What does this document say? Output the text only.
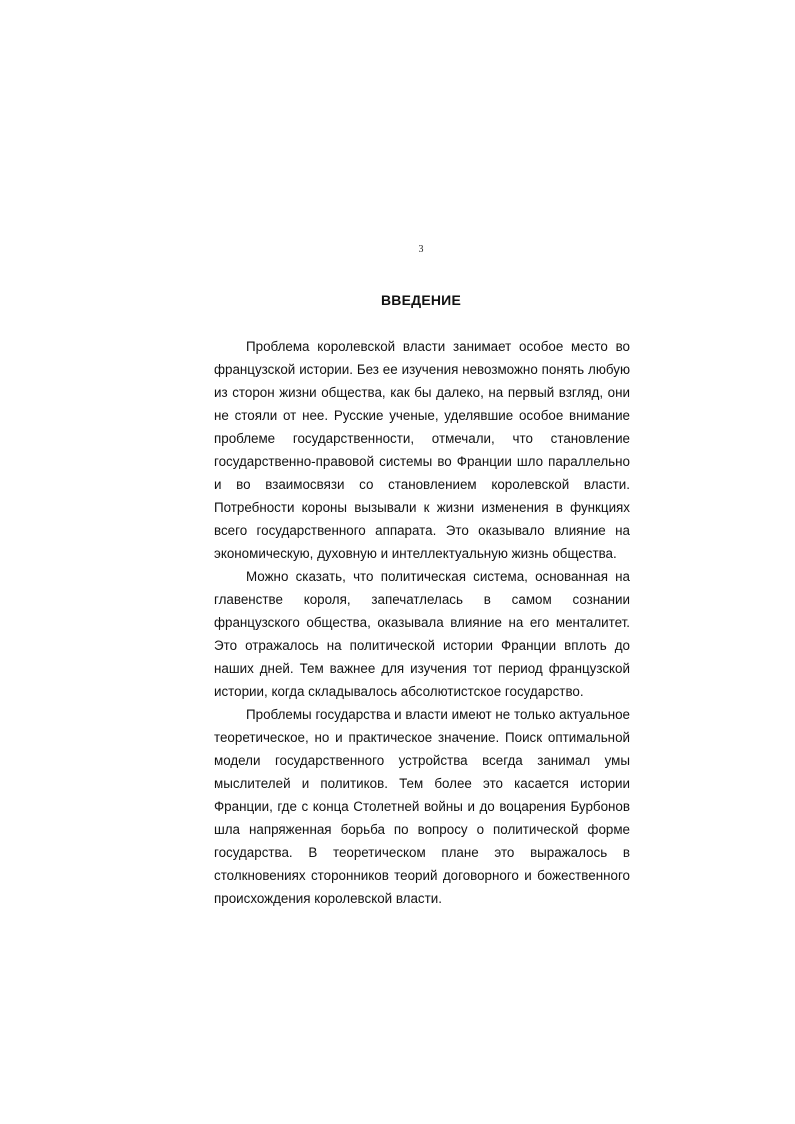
3
ВВЕДЕНИЕ

Проблема королевской власти занимает особое место во французской истории. Без ее изучения невозможно понять любую из сторон жизни общества, как бы далеко, на первый взгляд, они не стояли от нее. Русские ученые, уделявшие особое внимание проблеме государственности, отмечали, что становление государственно-правовой системы во Франции шло параллельно и во взаимосвязи со становлением королевской власти. Потребности короны вызывали к жизни изменения в функциях всего государственного аппарата. Это оказывало влияние на экономическую, духовную и интеллектуальную жизнь общества.

Можно сказать, что политическая система, основанная на главенстве короля, запечатлелась в самом сознании французского общества, оказывала влияние на его менталитет. Это отражалось на политической истории Франции вплоть до наших дней. Тем важнее для изучения тот период французской истории, когда складывалось абсолютистское государство.

Проблемы государства и власти имеют не только актуальное теоретическое, но и практическое значение. Поиск оптимальной модели государственного устройства всегда занимал умы мыслителей и политиков. Тем более это касается истории Франции, где с конца Столетней войны и до воцарения Бурбонов шла напряженная борьба по вопросу о политической форме государства. В теоретическом плане это выражалось в столкновениях сторонников теорий договорного и божественного происхождения королевской власти.
